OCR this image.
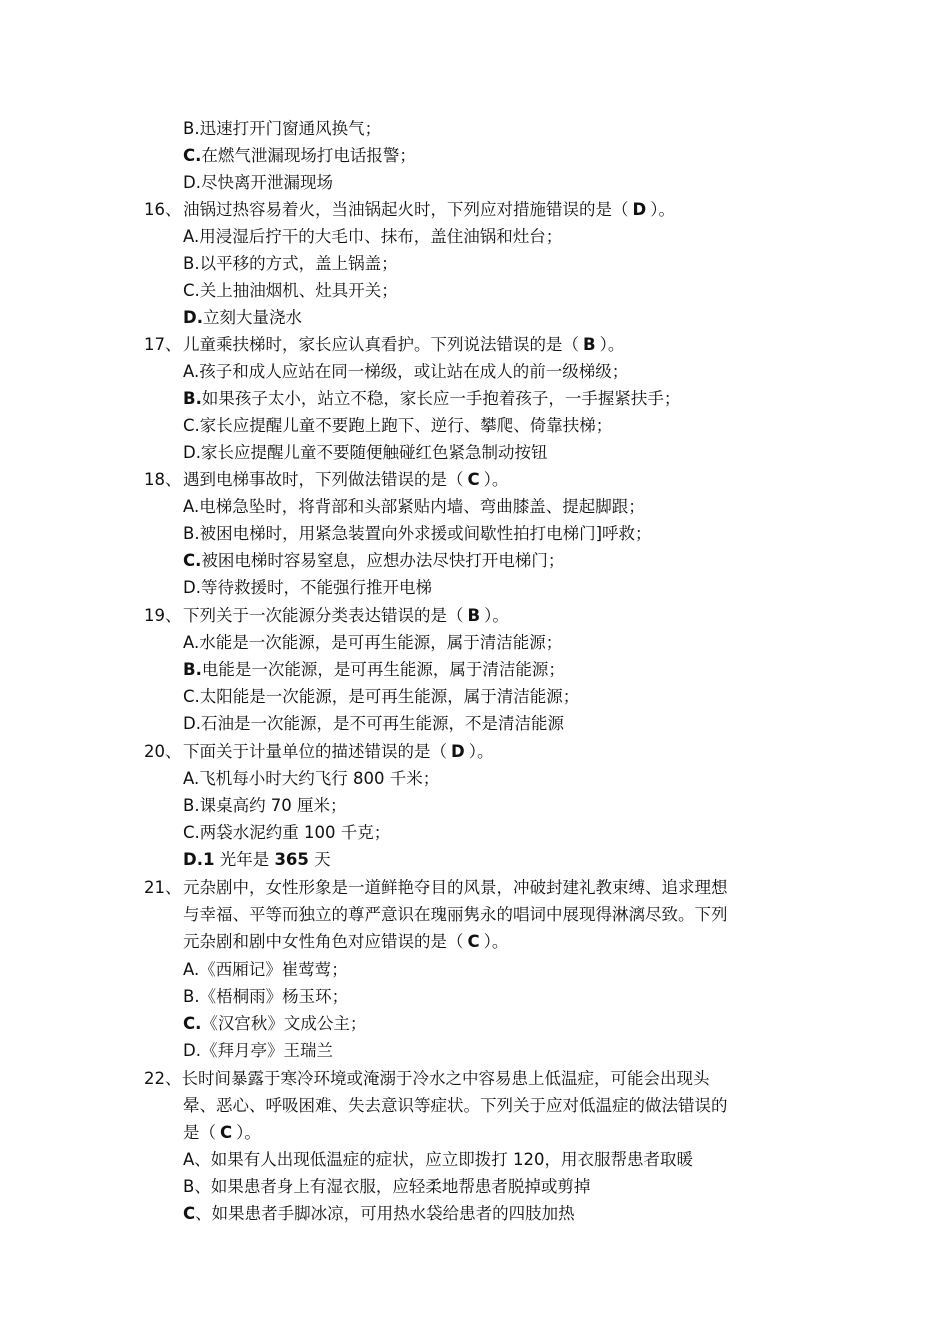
B.迅速打开门窗通风换气；
C.在燃气泄漏现场打电话报警；
D.尽快离开泄漏现场
16、油锅过热容易着火，当油锅起火时，下列应对措施错误的是（ D ）。
A.用浸湿后拧干的大毛巾、抹布，盖住油锅和灶台；
B.以平移的方式，盖上锅盖；
C.关上抽油烟机、灶具开关；
D.立刻大量浇水
17、儿童乘扶梯时，家长应认真看护。下列说法错误的是（ B ）。
A.孩子和成人应站在同一梯级，或让站在成人的前一级梯级；
B.如果孩子太小，站立不稳，家长应一手抱着孩子，一手握紧扶手；
C.家长应提醒儿童不要跑上跑下、逆行、攀爬、倚靠扶梯；
D.家长应提醒儿童不要随便触碰红色紧急制动按钮
18、遇到电梯事故时，下列做法错误的是（ C ）。
A.电梯急坠时，将背部和头部紧贴内墙、弯曲膝盖、提起脚跟；
B.被困电梯时，用紧急装置向外求援或间歇性拍打电梯门]呼救；
C.被困电梯时容易窒息，应想办法尽快打开电梯门；
D.等待救援时，不能强行推开电梯
19、下列关于一次能源分类表达错误的是（ B ）。
A.水能是一次能源，是可再生能源，属于清洁能源；
B.电能是一次能源，是可再生能源，属于清洁能源；
C.太阳能是一次能源，是可再生能源，属于清洁能源；
D.石油是一次能源，是不可再生能源，不是清洁能源
20、下面关于计量单位的描述错误的是（ D ）。
A.飞机每小时大约飞行 800 千米；
B.课桌高约 70 厘米；
C.两袋水泥约重 100 千克；
D.1 光年是 365 天
21、元杂剧中，女性形象是一道鲜艳夺目的风景，冲破封建礼教束缚、追求理想
与幸福、平等而独立的尊严意识在瑰丽隽永的唱词中展现得淋漓尽致。下列
元杂剧和剧中女性角色对应错误的是（ C ）。
A.《西厢记》崔莺莺；
B.《梧桐雨》杨玉环；
C.《汉宫秋》文成公主；
D.《拜月亭》王瑞兰
22、长时间暴露于寒冷环境或淹溺于冷水之中容易患上低温症，可能会出现头
晕、恶心、呼吸困难、失去意识等症状。下列关于应对低温症的做法错误的
是（ C ）。
A、如果有人出现低温症的症状，应立即拨打 120，用衣服帮患者取暖
B、如果患者身上有湿衣服，应轻柔地帮患者脱掉或剪掉
C、如果患者手脚冰凉，可用热水袋给患者的四肢加热
